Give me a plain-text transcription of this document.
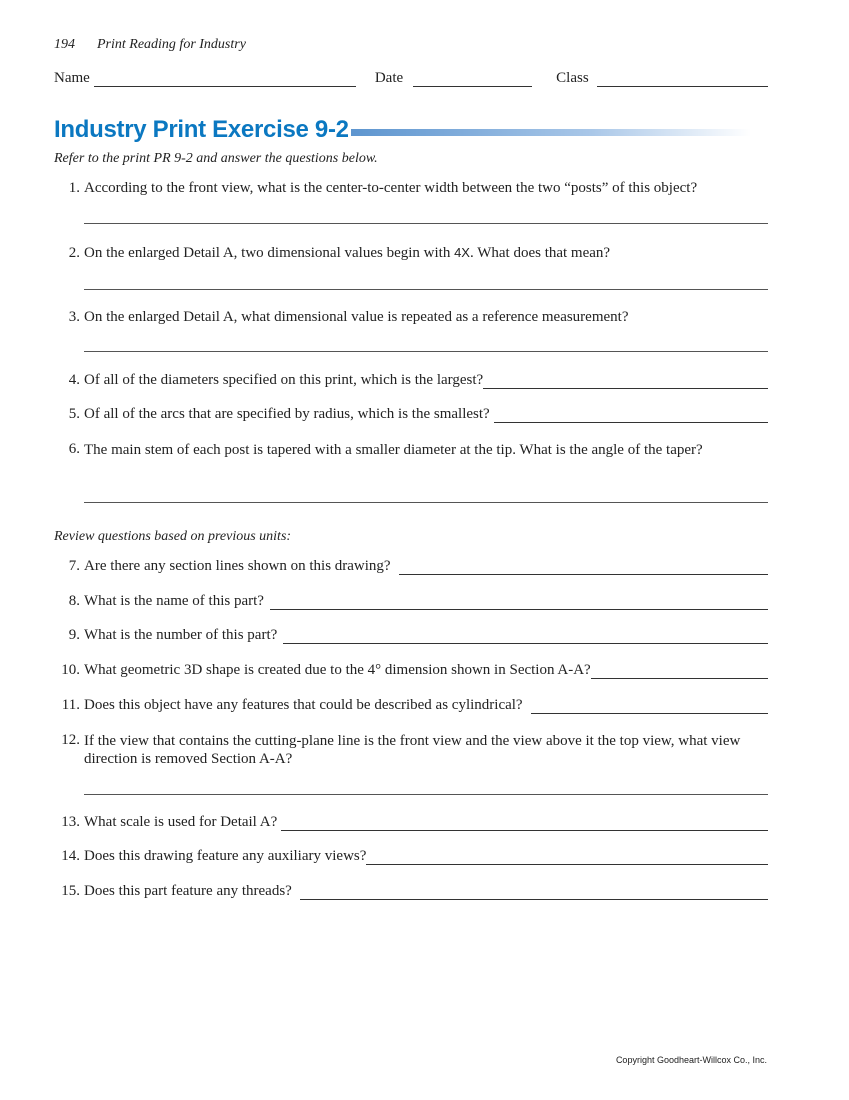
194 Print Reading for Industry
Name	Date	Class
Industry Print Exercise 9-2
Refer to the print PR 9-2 and answer the questions below.
1. According to the front view, what is the center-to-center width between the two “posts” of this object?
2. On the enlarged Detail A, two dimensional values begin with 4X. What does that mean?
3. On the enlarged Detail A, what dimensional value is repeated as a reference measurement?
4. Of all of the diameters specified on this print, which is the largest?
5. Of all of the arcs that are specified by radius, which is the smallest?
6. The main stem of each post is tapered with a smaller diameter at the tip. What is the angle of the taper?
Review questions based on previous units:
7. Are there any section lines shown on this drawing?
8. What is the name of this part?
9. What is the number of this part?
10. What geometric 3D shape is created due to the 4° dimension shown in Section A-A?
11. Does this object have any features that could be described as cylindrical?
12. If the view that contains the cutting-plane line is the front view and the view above it the top view, what view direction is removed Section A-A?
13. What scale is used for Detail A?
14. Does this drawing feature any auxiliary views?
15. Does this part feature any threads?
Copyright Goodheart-Willcox Co., Inc.
